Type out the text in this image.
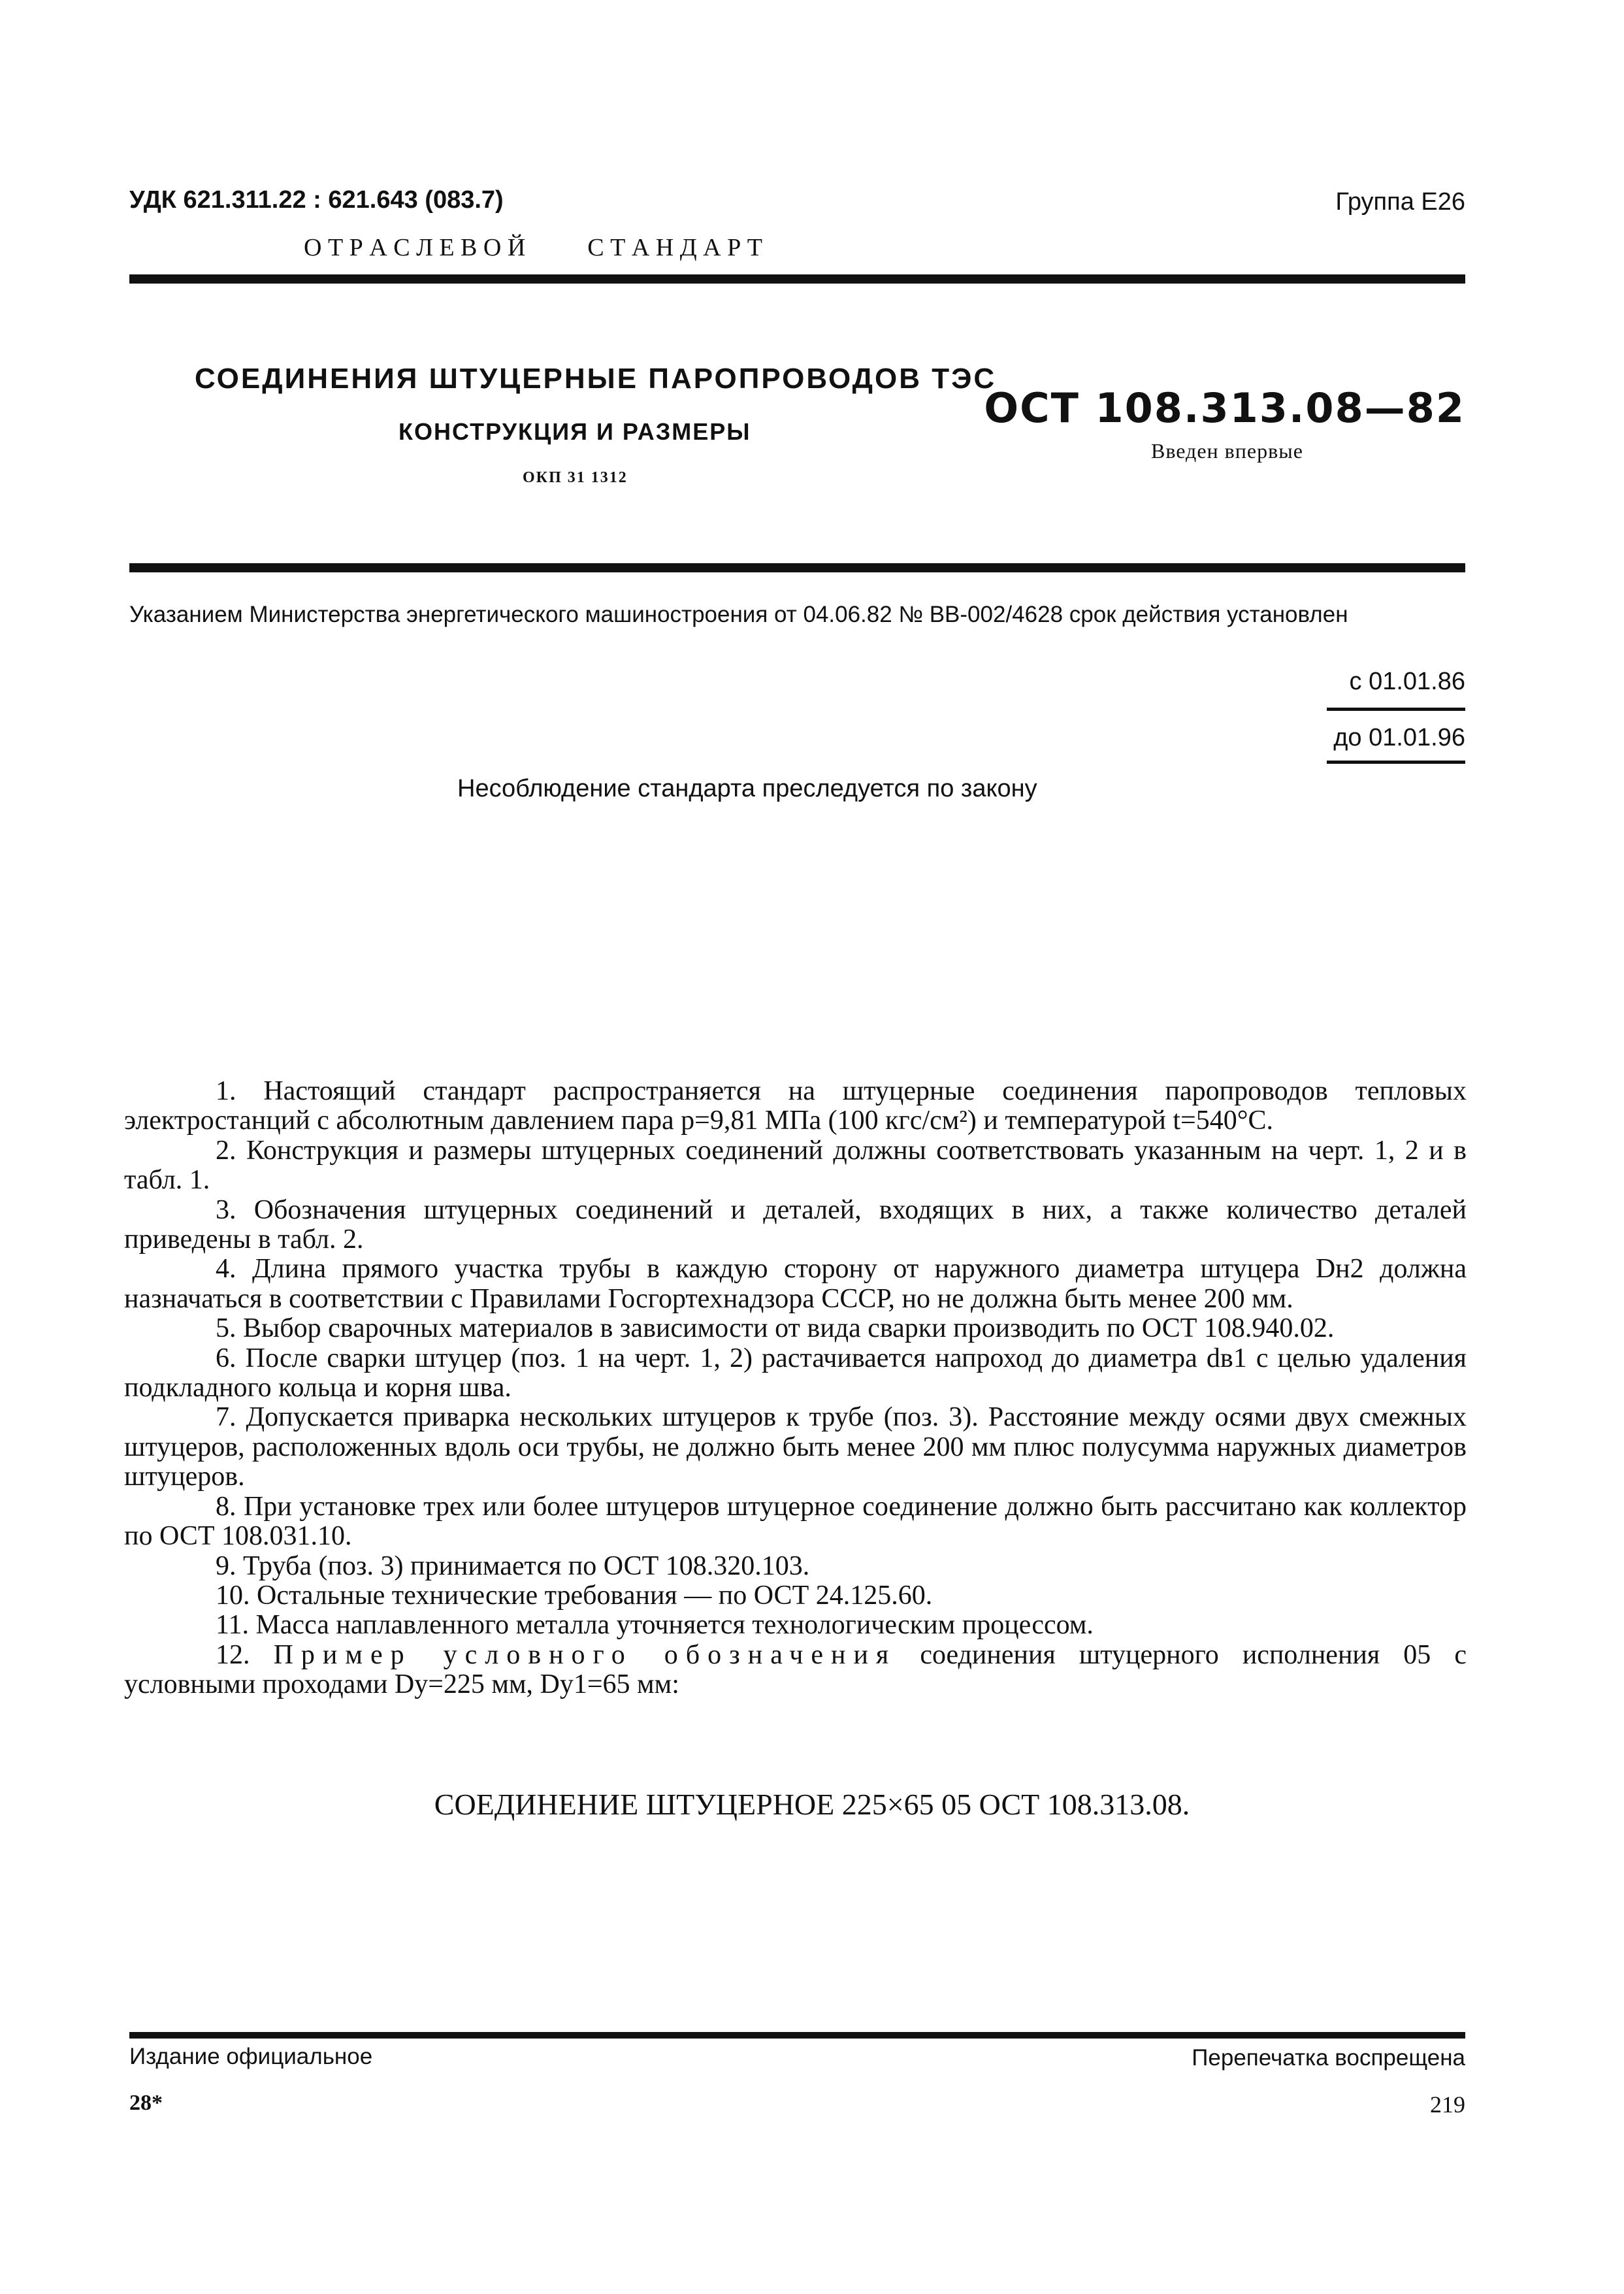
УДК 621.311.22 : 621.643 (083.7)	Группа Е26
О Т Р А С Л Е В О Й	С Т А Н Д А Р Т
СОЕДИНЕНИЯ ШТУЦЕРНЫЕ ПАРОПРОВОДОВ ТЭС
КОНСТРУКЦИЯ И РАЗМЕРЫ
ОКП 31 1312
ОСТ 108.313.08—82
Введен впервые
Указанием Министерства энергетического машиностроения от 04.06.82 № ВВ-002/4628 срок действия установлен
с 01.01.86
до 01.01.96
Несоблюдение стандарта преследуется по закону

1. Настоящий стандарт распространяется на штуцерные соединения паропроводов тепловых электростанций с абсолютным давлением пара p=9,81 МПа (100 кгс/см²) и температурой t=540°С.

2. Конструкция и размеры штуцерных соединений должны соответствовать указанным на черт. 1, 2 и в табл. 1.

3. Обозначения штуцерных соединений и деталей, входящих в них, а также количество деталей приведены в табл. 2.

4. Длина прямого участка трубы в каждую сторону от наружного диаметра штуцера Dн2 должна назначаться в соответствии с Правилами Госгортехнадзора СССР, но не должна быть менее 200 мм.

5. Выбор сварочных материалов в зависимости от вида сварки производить по ОСТ 108.940.02.

6. После сварки штуцер (поз. 1 на черт. 1, 2) растачивается напроход до диаметра dв1 с целью удаления подкладного кольца и корня шва.

7. Допускается приварка нескольких штуцеров к трубе (поз. 3). Расстояние между осями двух смежных штуцеров, расположенных вдоль оси трубы, не должно быть менее 200 мм плюс полусумма наружных диаметров штуцеров.

8. При установке трех или более штуцеров штуцерное соединение должно быть рассчитано как коллектор по ОСТ 108.031.10.

9. Труба (поз. 3) принимается по ОСТ 108.320.103.

10. Остальные технические требования — по ОСТ 24.125.60.

11. Масса наплавленного металла уточняется технологическим процессом.

12. Пример условного обозначения соединения штуцерного исполнения 05 с условными проходами Dу=225 мм, Dу1=65 мм:

СОЕДИНЕНИЕ ШТУЦЕРНОЕ 225×65 05 ОСТ 108.313.08.
Издание официальное	Перепечатка воспрещена
28*	219
